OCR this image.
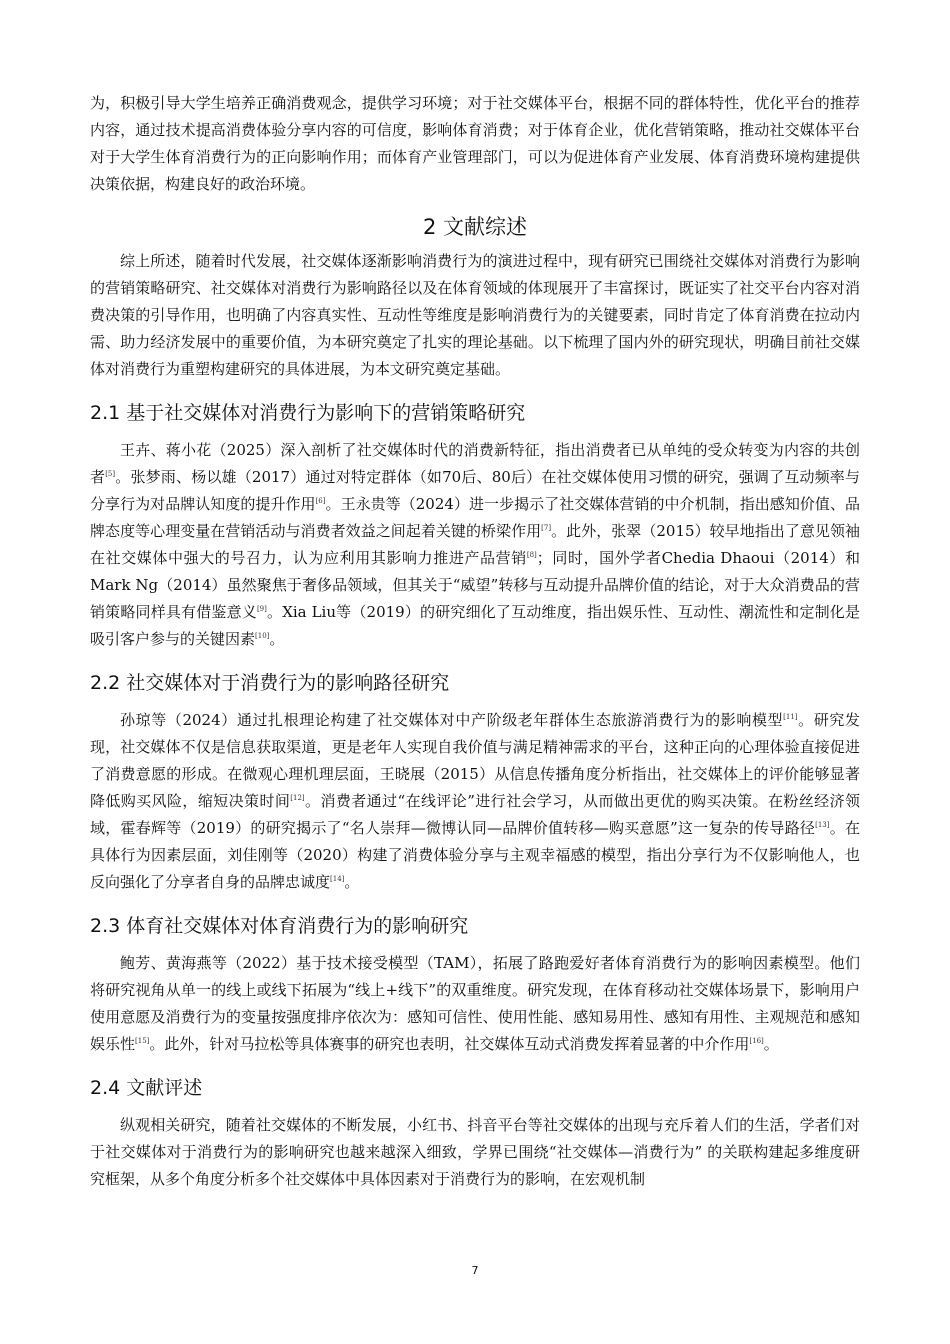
为，积极引导大学生培养正确消费观念，提供学习环境；对于社交媒体平台，根据不同的群体特性，优化平台的推荐内容，通过技术提高消费体验分享内容的可信度，影响体育消费；对于体育企业，优化营销策略，推动社交媒体平台对于大学生体育消费行为的正向影响作用；而体育产业管理部门，可以为促进体育产业发展、体育消费环境构建提供决策依据，构建良好的政治环境。

2 文献综述

综上所述，随着时代发展，社交媒体逐渐影响消费行为的演进过程中，现有研究已围绕社交媒体对消费行为影响的营销策略研究、社交媒体对消费行为影响路径以及在体育领域的体现展开了丰富探讨，既证实了社交平台内容对消费决策的引导作用，也明确了内容真实性、互动性等维度是影响消费行为的关键要素，同时肯定了体育消费在拉动内需、助力经济发展中的重要价值，为本研究奠定了扎实的理论基础。以下梳理了国内外的研究现状，明确目前社交媒体对消费行为重塑构建研究的具体进展，为本文研究奠定基础。

2.1 基于社交媒体对消费行为影响下的营销策略研究

王卉、蒋小花（2025）深入剖析了社交媒体时代的消费新特征，指出消费者已从单纯的受众转变为内容的共创者[5]。张梦雨、杨以雄（2017）通过对特定群体（如70后、80后）在社交媒体使用习惯的研究，强调了互动频率与分享行为对品牌认知度的提升作用[6]。王永贵等（2024）进一步揭示了社交媒体营销的中介机制，指出感知价值、品牌态度等心理变量在营销活动与消费者效益之间起着关键的桥梁作用[7]。此外，张翠（2015）较早地指出了意见领袖在社交媒体中强大的号召力，认为应利用其影响力推进产品营销[8]；同时，国外学者Chedia Dhaoui（2014）和Mark Ng（2014）虽然聚焦于奢侈品领域，但其关于“威望”转移与互动提升品牌价值的结论，对于大众消费品的营销策略同样具有借鉴意义[9]。Xia Liu等（2019）的研究细化了互动维度，指出娱乐性、互动性、潮流性和定制化是吸引客户参与的关键因素[10]。

2.2 社交媒体对于消费行为的影响路径研究

孙琼等（2024）通过扎根理论构建了社交媒体对中产阶级老年群体生态旅游消费行为的影响模型[11]。研究发现，社交媒体不仅是信息获取渠道，更是老年人实现自我价值与满足精神需求的平台，这种正向的心理体验直接促进了消费意愿的形成。在微观心理机理层面，王晓展（2015）从信息传播角度分析指出，社交媒体上的评价能够显著降低购买风险，缩短决策时间[12]。消费者通过“在线评论”进行社会学习，从而做出更优的购买决策。在粉丝经济领域，霍春辉等（2019）的研究揭示了“名人崇拜—微博认同—品牌价值转移—购买意愿”这一复杂的传导路径[13]。在具体行为因素层面，刘佳刚等（2020）构建了消费体验分享与主观幸福感的模型，指出分享行为不仅影响他人，也反向强化了分享者自身的品牌忠诚度[14]。

2.3 体育社交媒体对体育消费行为的影响研究

鲍芳、黄海燕等（2022）基于技术接受模型（TAM），拓展了路跑爱好者体育消费行为的影响因素模型。他们将研究视角从单一的线上或线下拓展为“线上+线下”的双重维度。研究发现，在体育移动社交媒体场景下，影响用户使用意愿及消费行为的变量按强度排序依次为：感知可信性、使用性能、感知易用性、感知有用性、主观规范和感知娱乐性[15]。此外，针对马拉松等具体赛事的研究也表明，社交媒体互动式消费发挥着显著的中介作用[16]。

2.4 文献评述

纵观相关研究，随着社交媒体的不断发展，小红书、抖音平台等社交媒体的出现与充斥着人们的生活，学者们对于社交媒体对于消费行为的影响研究也越来越深入细致，学界已围绕“社交媒体—消费行为” 的关联构建起多维度研究框架，从多个角度分析多个社交媒体中具体因素对于消费行为的影响，在宏观机制

7
